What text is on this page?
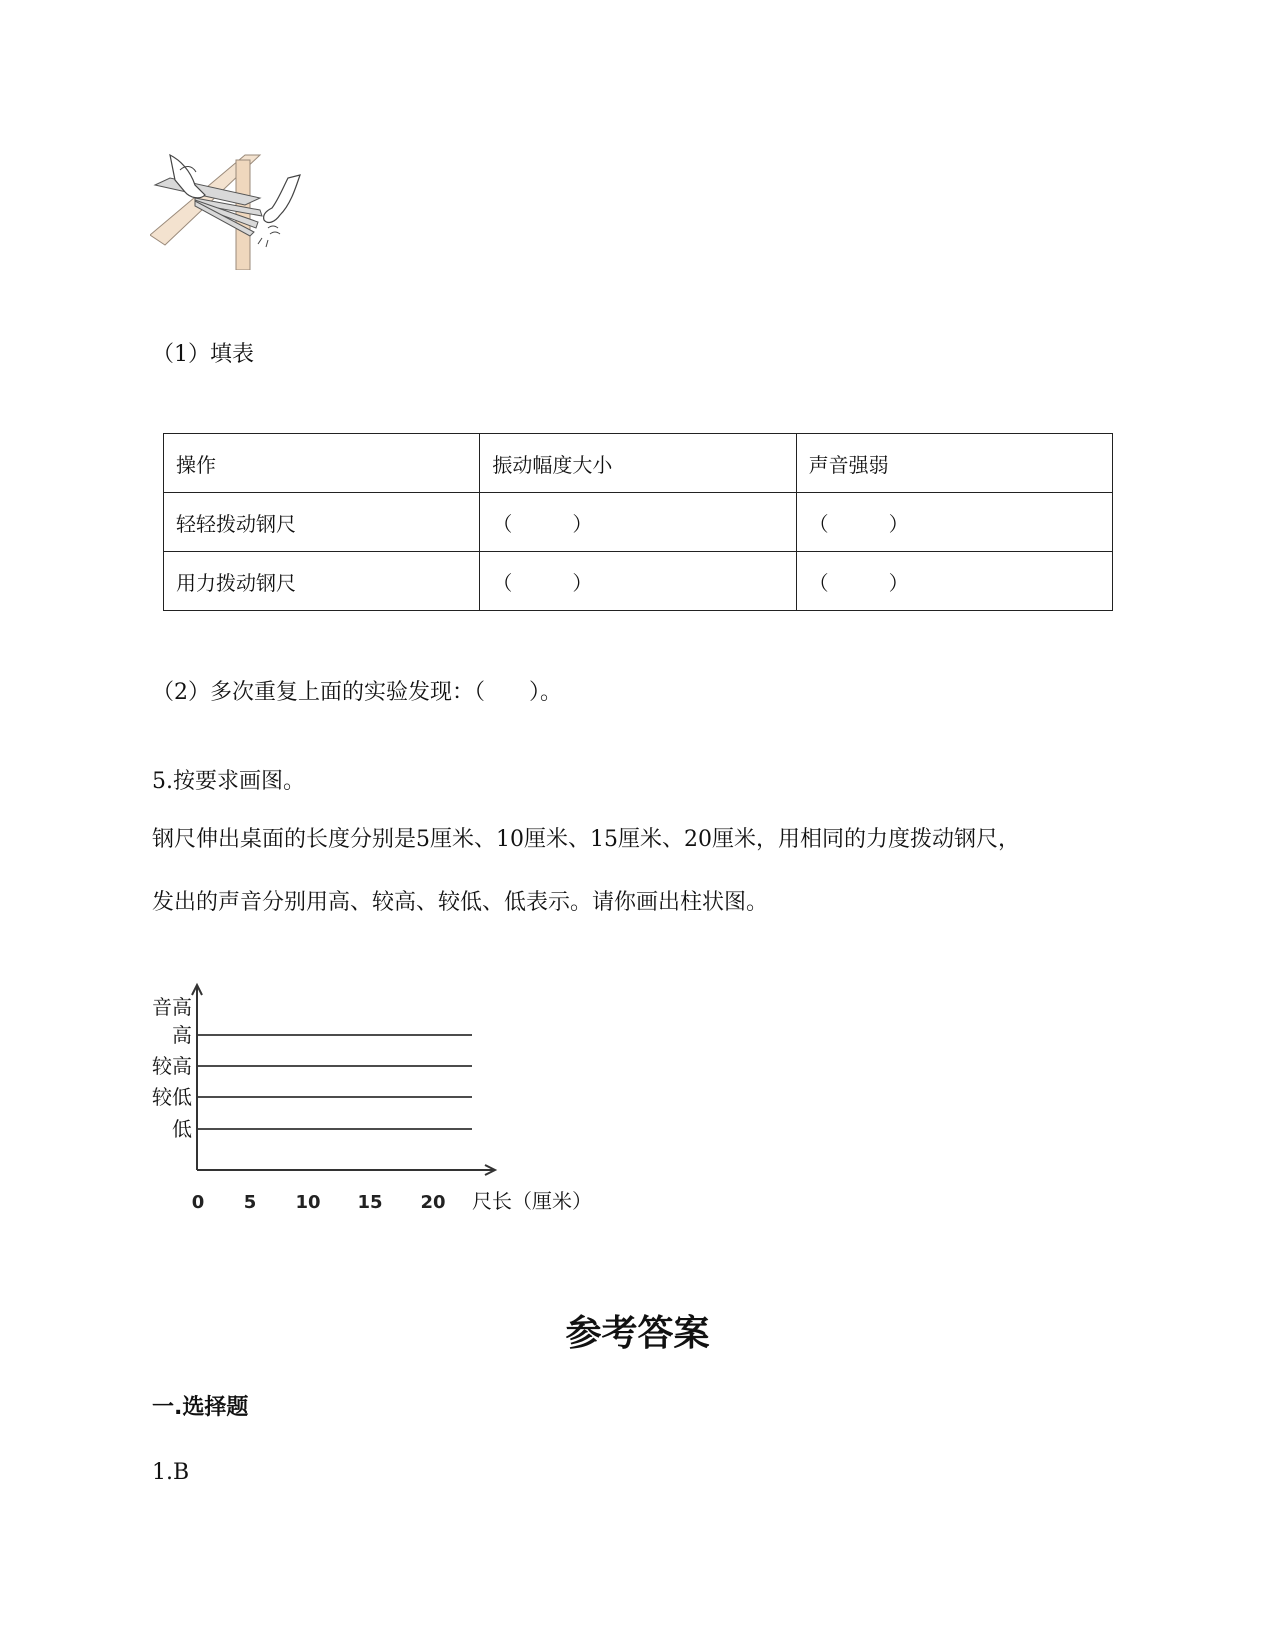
（1）填表
操作	振动幅度大小	声音强弱
轻轻拨动钢尺	（　　　）	（　　　）
用力拨动钢尺	（　　　）	（　　　）
（2）多次重复上面的实验发现：（　　）。
5.按要求画图。
钢尺伸出桌面的长度分别是5厘米、10厘米、15厘米、20厘米，用相同的力度拨动钢尺，
发出的声音分别用高、较高、较低、低表示。请你画出柱状图。
音高
尺长（厘米）
高
较高
较低
低
0 5 10 15 20
参考答案
一.选择题
1.B
